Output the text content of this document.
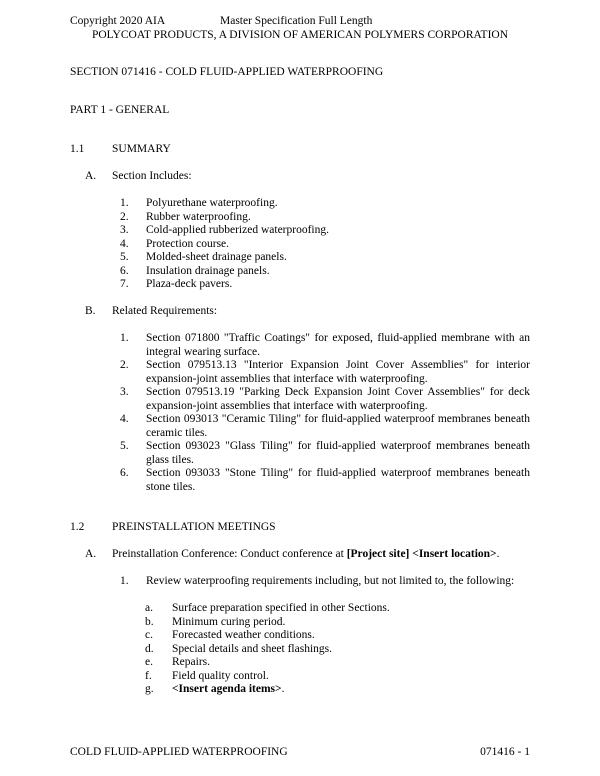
Copyright 2020 AIA	Master Specification Full Length
POLYCOAT PRODUCTS, A DIVISION OF AMERICAN POLYMERS CORPORATION
SECTION 071416 - COLD FLUID-APPLIED WATERPROOFING
PART 1 - GENERAL
1.1	SUMMARY
A.	Section Includes:
1.	Polyurethane waterproofing.
2.	Rubber waterproofing.
3.	Cold-applied rubberized waterproofing.
4.	Protection course.
5.	Molded-sheet drainage panels.
6.	Insulation drainage panels.
7.	Plaza-deck pavers.
B.	Related Requirements:
1.	Section 071800 "Traffic Coatings" for exposed, fluid-applied membrane with an integral wearing surface.
2.	Section 079513.13 "Interior Expansion Joint Cover Assemblies" for interior expansion-joint assemblies that interface with waterproofing.
3.	Section 079513.19 "Parking Deck Expansion Joint Cover Assemblies" for deck expansion-joint assemblies that interface with waterproofing.
4.	Section 093013 "Ceramic Tiling" for fluid-applied waterproof membranes beneath ceramic tiles.
5.	Section 093023 "Glass Tiling" for fluid-applied waterproof membranes beneath glass tiles.
6.	Section 093033 "Stone Tiling" for fluid-applied waterproof membranes beneath stone tiles.
1.2	PREINSTALLATION MEETINGS
A.	Preinstallation Conference: Conduct conference at [Project site] <Insert location>.
1.	Review waterproofing requirements including, but not limited to, the following:
a.	Surface preparation specified in other Sections.
b.	Minimum curing period.
c.	Forecasted weather conditions.
d.	Special details and sheet flashings.
e.	Repairs.
f.	Field quality control.
g.	<Insert agenda items>.
COLD FLUID-APPLIED WATERPROOFING	071416 - 1
